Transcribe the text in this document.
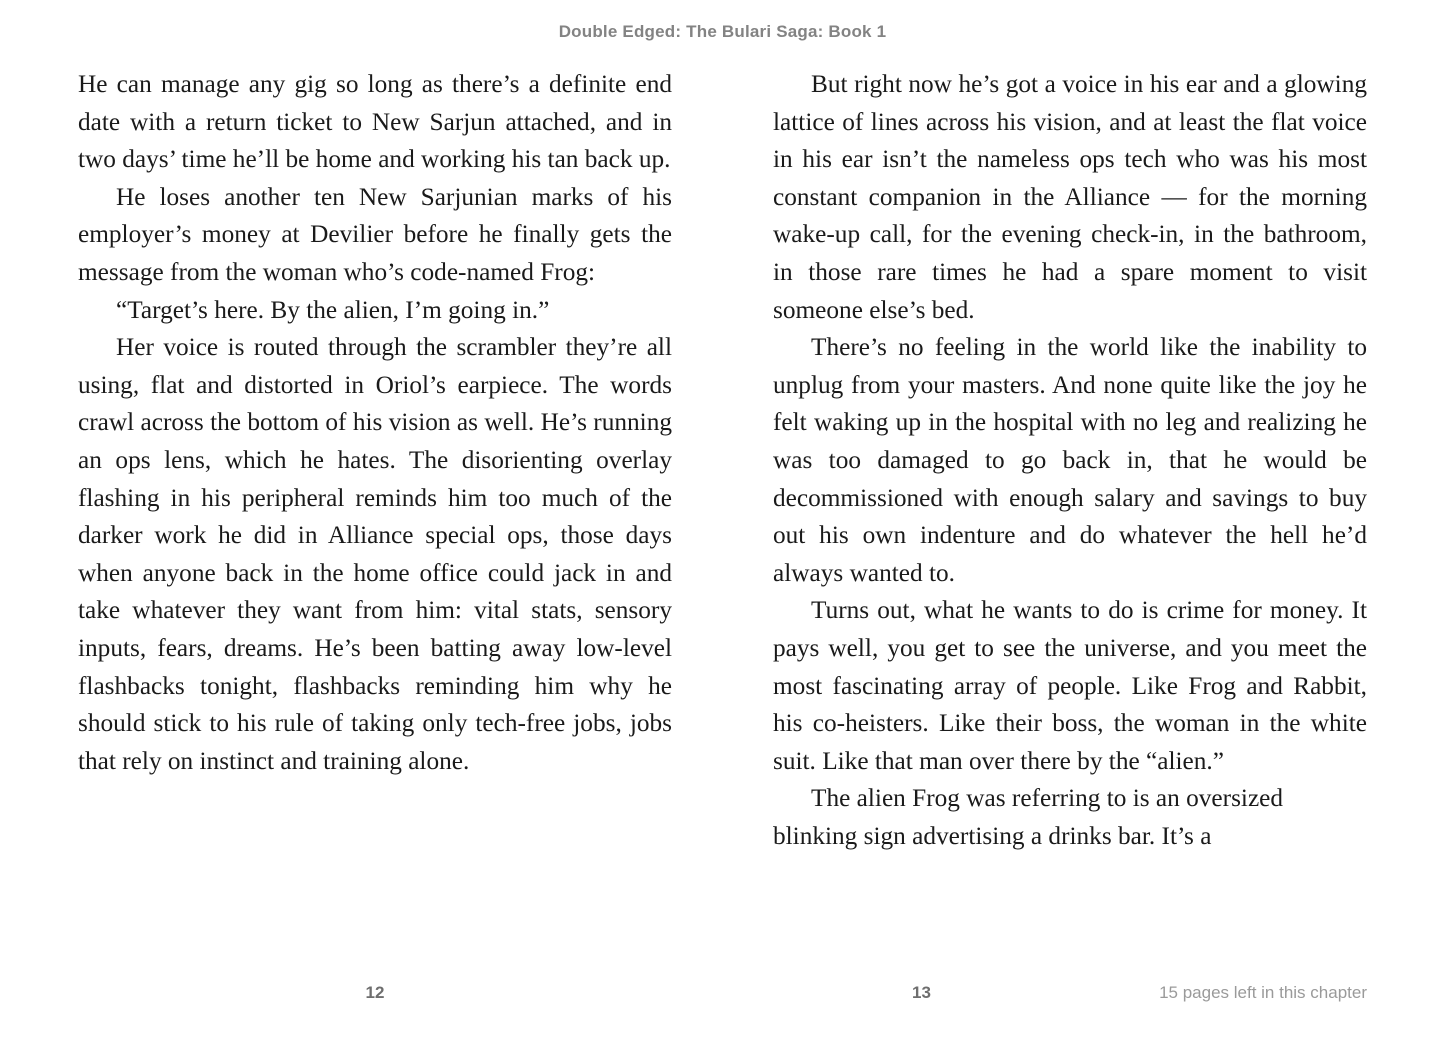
Double Edged: The Bulari Saga: Book 1

He can manage any gig so long as there’s a definite end date with a return ticket to New Sarjun attached, and in two days’ time he’ll be home and working his tan back up.

He loses another ten New Sarjunian marks of his employer’s money at Devilier before he finally gets the message from the woman who’s code-named Frog:

“Target’s here. By the alien, I’m going in.”

Her voice is routed through the scrambler they’re all using, flat and distorted in Oriol’s earpiece. The words crawl across the bottom of his vision as well. He’s running an ops lens, which he hates. The disorienting overlay flashing in his peripheral reminds him too much of the darker work he did in Alliance special ops, those days when anyone back in the home office could jack in and take whatever they want from him: vital stats, sensory inputs, fears, dreams. He’s been batting away low-level flashbacks tonight, flashbacks reminding him why he should stick to his rule of taking only tech-free jobs, jobs that rely on instinct and training alone.

But right now he’s got a voice in his ear and a glowing lattice of lines across his vision, and at least the flat voice in his ear isn’t the nameless ops tech who was his most constant companion in the Alliance — for the morning wake-up call, for the evening check-in, in the bathroom, in those rare times he had a spare moment to visit someone else’s bed.

There’s no feeling in the world like the inability to unplug from your masters. And none quite like the joy he felt waking up in the hospital with no leg and realizing he was too damaged to go back in, that he would be decommissioned with enough salary and savings to buy out his own indenture and do whatever the hell he’d always wanted to.

Turns out, what he wants to do is crime for money. It pays well, you get to see the universe, and you meet the most fascinating array of people. Like Frog and Rabbit, his co-heisters. Like their boss, the woman in the white suit. Like that man over there by the “alien.”

The alien Frog was referring to is an oversized blinking sign advertising a drinks bar. It’s a

12	13	15 pages left in this chapter
